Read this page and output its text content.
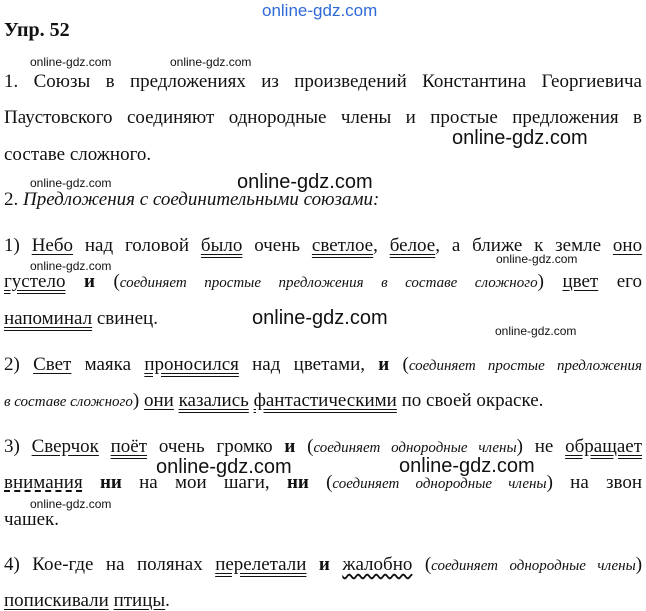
online-gdz.com
Упр. 52
online-gdz.com	online-gdz.com
online-gdz.com
online-gdz.com	online-gdz.com
online-gdz.com	online-gdz.com
online-gdz.com
online-gdz.com
online-gdz.com	online-gdz.com
online-gdz.com
1. Союзы в предложениях из произведений Константина Георгиевича
Паустовского соединяют однородные члены и простые предложения в
составе сложного.
2. Предложения с соединительными союзами:
1) Небо над головой было очень светлое, белое, а ближе к земле оно
густело и (соединяет простые предложения в составе сложного) цвет его
напоминал свинец.
2) Свет маяка проносился над цветами, и (соединяет простые предложения
в составе сложного) они казались фантастическими по своей окраске.
3) Сверчок поёт очень громко и (соединяет однородные члены) не обращает
внимания ни на мои шаги, ни (соединяет однородные члены) на звон
чашек.
4) Кое-где на полянах перелетали и жалобно (соединяет однородные члены)
попискивали птицы.
